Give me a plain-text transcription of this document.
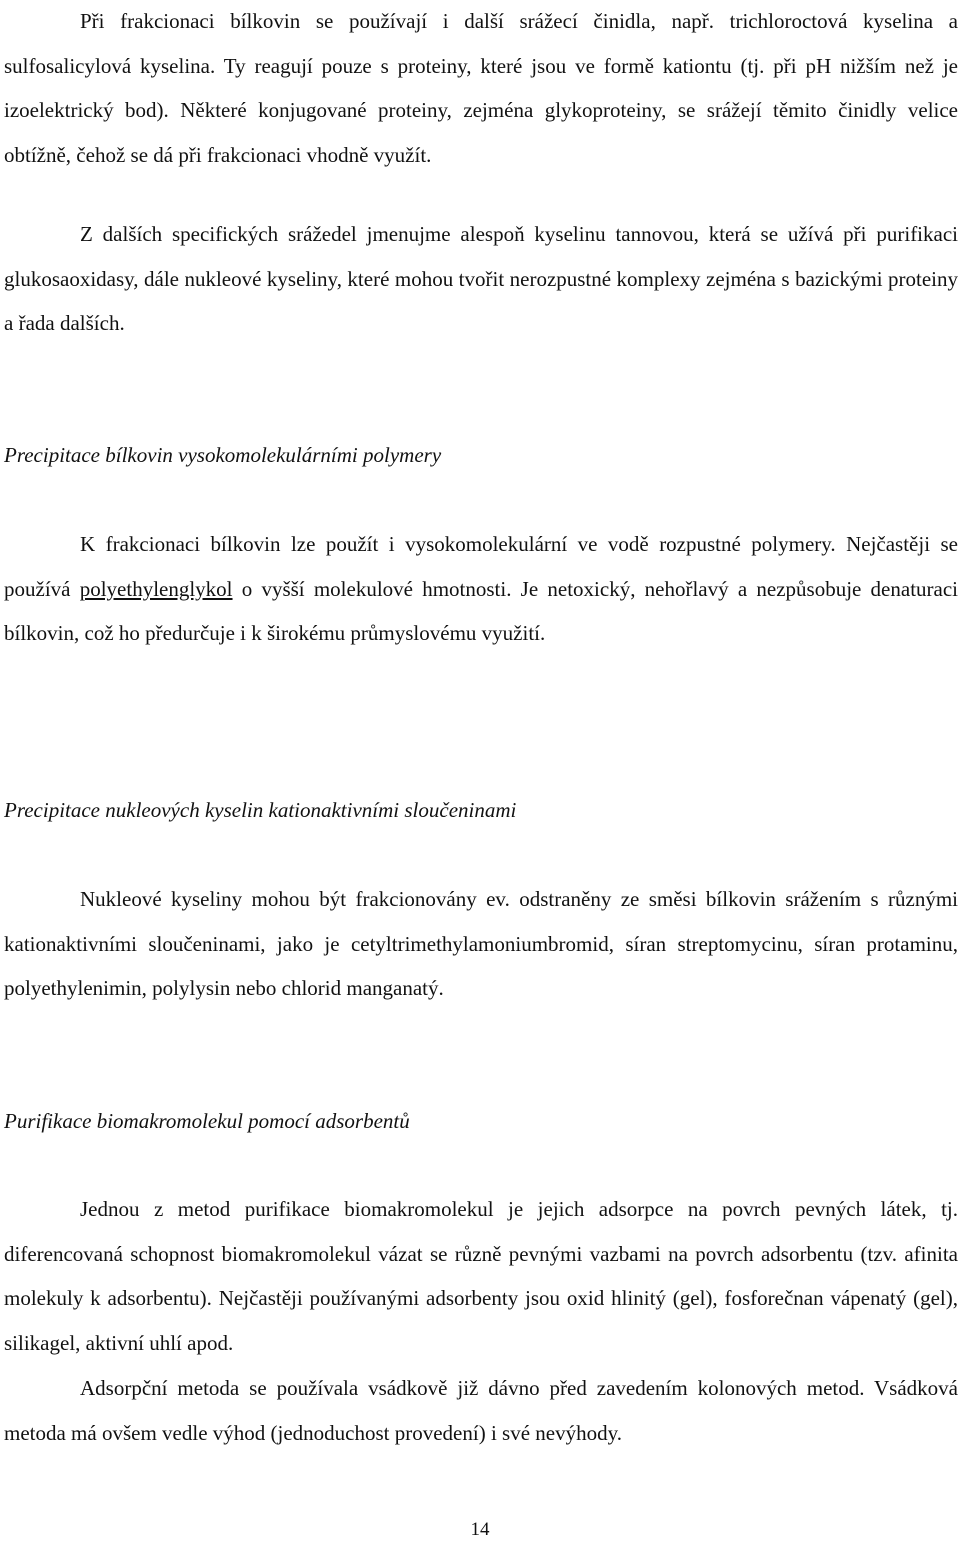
Při frakcionaci bílkovin se používají i další srážecí činidla, např. trichloroctová kyselina a sulfosalicylová kyselina. Ty reagují pouze s proteiny, které jsou ve formě kationtu (tj. při pH nižším než je izoelektrický bod). Některé konjugované proteiny, zejména glykoproteiny, se srážejí těmito činidly velice obtížně, čehož se dá při frakcionaci vhodně využít.

Z dalších specifických srážedel jmenujme alespoň kyselinu tannovou, která se užívá při purifikaci glukosaoxidasy, dále nukleové kyseliny, které mohou tvořit nerozpustné komplexy zejména s bazickými proteiny a řada dalších.

Precipitace bílkovin vysokomolekulárními polymery

K frakcionaci bílkovin lze použít i vysokomolekulární ve vodě rozpustné polymery. Nejčastěji se používá polyethylenglykol o vyšší molekulové hmotnosti. Je netoxický, nehořlavý a nezpůsobuje denaturaci bílkovin, což ho předurčuje i k širokému průmyslovému využití.

Precipitace nukleových kyselin kationaktivními sloučeninami

Nukleové kyseliny mohou být frakcionovány ev. odstraněny ze směsi bílkovin srážením s různými kationaktivními sloučeninami, jako je cetyltrimethylamoniumbromid, síran streptomycinu, síran protaminu, polyethylenimin, polylysin nebo chlorid manganatý.

Purifikace biomakromolekul pomocí adsorbentů

Jednou z metod purifikace biomakromolekul je jejich adsorpce na povrch pevných látek, tj. diferencovaná schopnost biomakromolekul vázat se různě pevnými vazbami na povrch adsorbentu (tzv. afinita molekuly k adsorbentu). Nejčastěji používanými adsorbenty jsou oxid hlinitý (gel), fosforečnan vápenatý (gel), silikagel, aktivní uhlí apod.

Adsorpční metoda se používala vsádkově již dávno před zavedením kolonových metod. Vsádková metoda má ovšem vedle výhod (jednoduchost provedení) i své nevýhody.

14
